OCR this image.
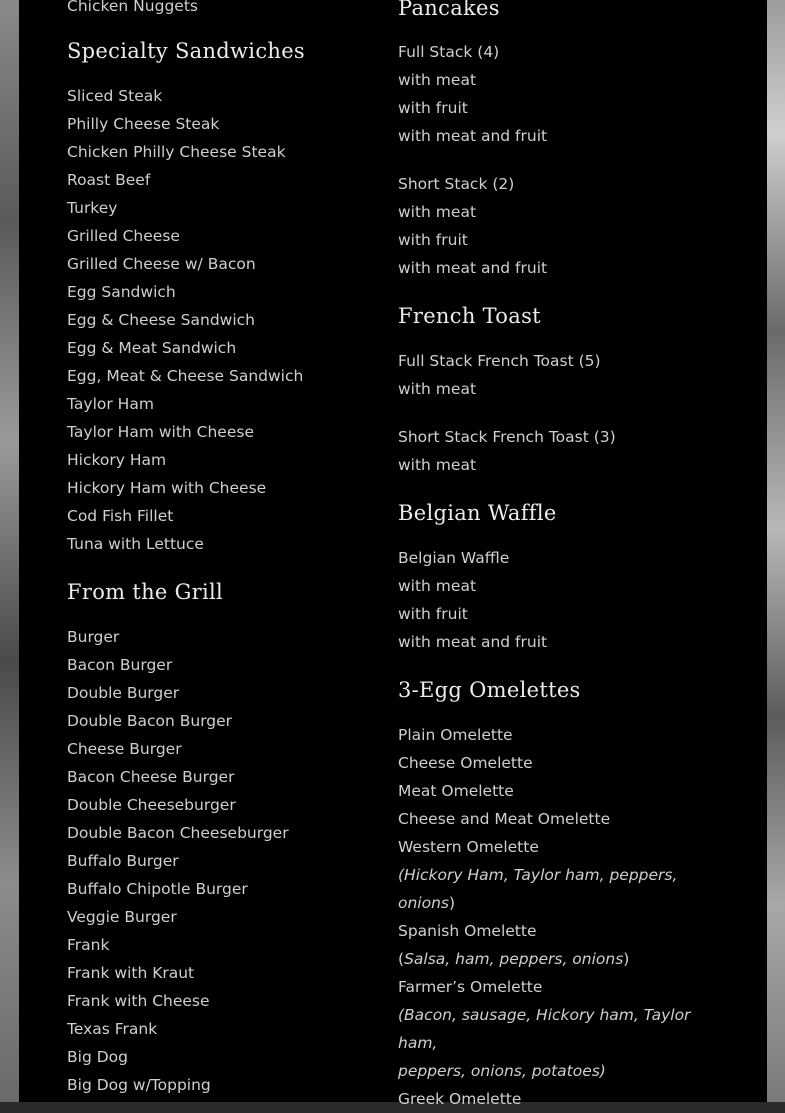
Chicken Nuggets
Specialty Sandwiches
Sliced Steak
Philly Cheese Steak
Chicken Philly Cheese Steak
Roast Beef
Turkey
Grilled Cheese
Grilled Cheese w/ Bacon
Egg Sandwich
Egg & Cheese Sandwich
Egg & Meat Sandwich
Egg, Meat & Cheese Sandwich
Taylor Ham
Taylor Ham with Cheese
Hickory Ham
Hickory Ham with Cheese
Cod Fish Fillet
Tuna with Lettuce
From the Grill
Burger
Bacon Burger
Double Burger
Double Bacon Burger
Cheese Burger
Bacon Cheese Burger
Double Cheeseburger
Double Bacon Cheeseburger
Buffalo Burger
Buffalo Chipotle Burger
Veggie Burger
Frank
Frank with Kraut
Frank with Cheese
Texas Frank
Big Dog
Big Dog w/Topping
Pancakes
Full Stack (4)
with meat
with fruit
with meat and fruit
Short Stack (2)
with meat
with fruit
with meat and fruit
French Toast
Full Stack French Toast (5)
with meat
Short Stack French Toast (3)
with meat
Belgian Waffle
Belgian Waffle
with meat
with fruit
with meat and fruit
3-Egg Omelettes
Plain Omelette
Cheese Omelette
Meat Omelette
Cheese and Meat Omelette
Western Omelette
(Hickory Ham, Taylor ham, peppers, onions)
Spanish Omelette
(Salsa, ham, peppers, onions)
Farmer’s Omelette
(Bacon, sausage, Hickory ham, Taylor ham,
peppers, onions, potatoes)
Greek Omelette
